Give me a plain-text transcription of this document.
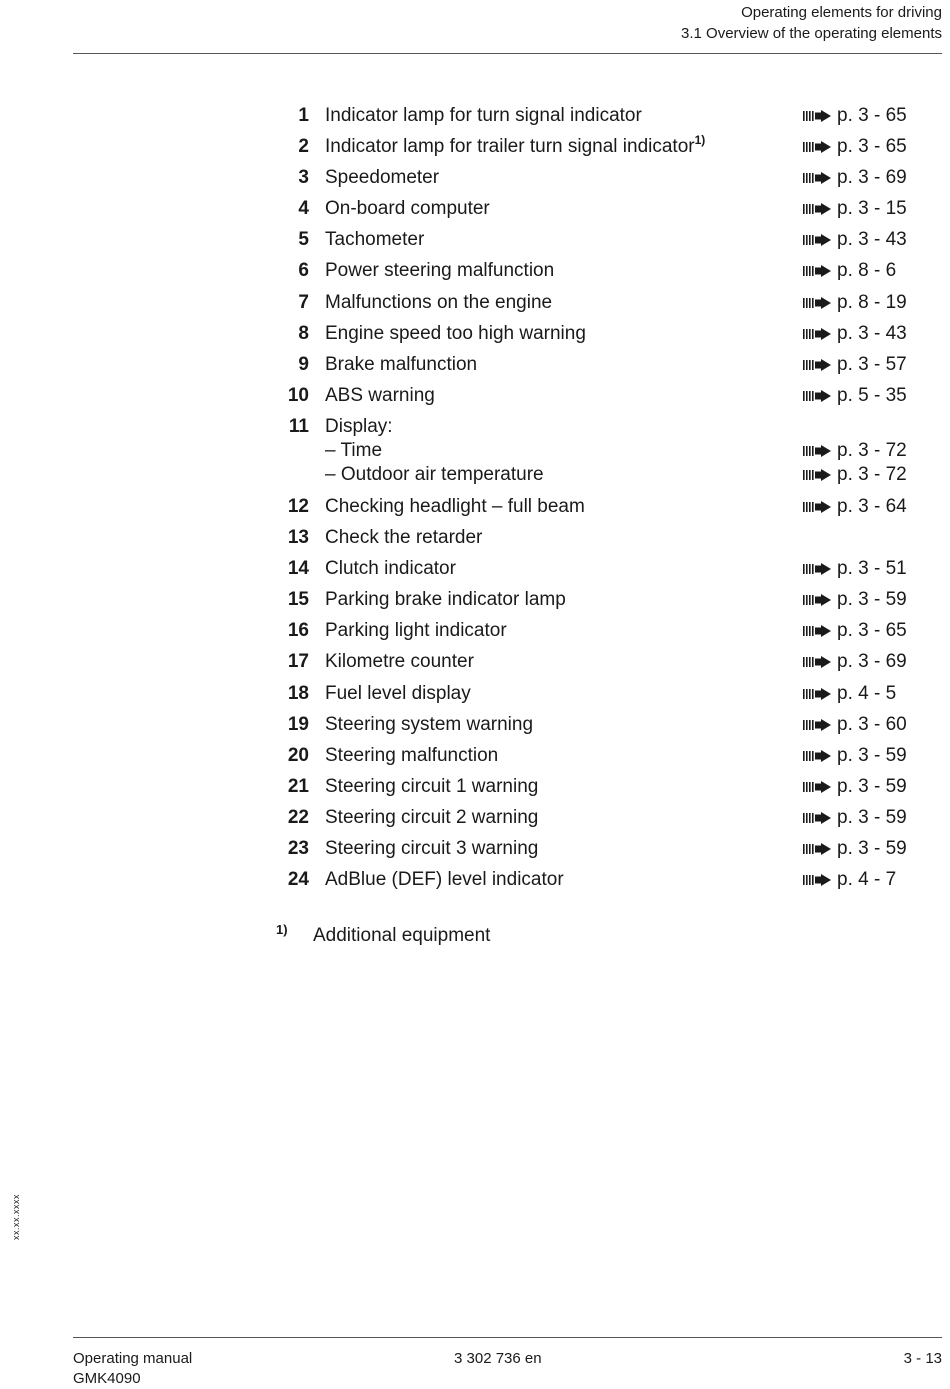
Operating elements for driving
3.1 Overview of the operating elements
1 Indicator lamp for turn signal indicator	p. 3 - 65
2 Indicator lamp for trailer turn signal indicator$^{1)}$	p. 3 - 65
3 Speedometer	p. 3 - 69
4 On-board computer	p. 3 - 15
5 Tachometer	p. 3 - 43
6 Power steering malfunction	p. 8 - 6
7 Malfunctions on the engine	p. 8 - 19
8 Engine speed too high warning	p. 3 - 43
9 Brake malfunction	p. 3 - 57
10 ABS warning	p. 5 - 35
11 Display:
– Time	p. 3 - 72
– Outdoor air temperature	p. 3 - 72
12 Checking headlight – full beam	p. 3 - 64
13 Check the retarder
14 Clutch indicator	p. 3 - 51
15 Parking brake indicator lamp	p. 3 - 59
16 Parking light indicator	p. 3 - 65
17 Kilometre counter	p. 3 - 69
18 Fuel level display	p. 4 - 5
19 Steering system warning	p. 3 - 60
20 Steering malfunction	p. 3 - 59
21 Steering circuit 1 warning	p. 3 - 59
22 Steering circuit 2 warning	p. 3 - 59
23 Steering circuit 3 warning	p. 3 - 59
24 AdBlue (DEF) level indicator	p. 4 - 7
1) Additional equipment
xx.xx.xxxx
Operating manual
GMK4090
3 302 736 en	3 - 13
